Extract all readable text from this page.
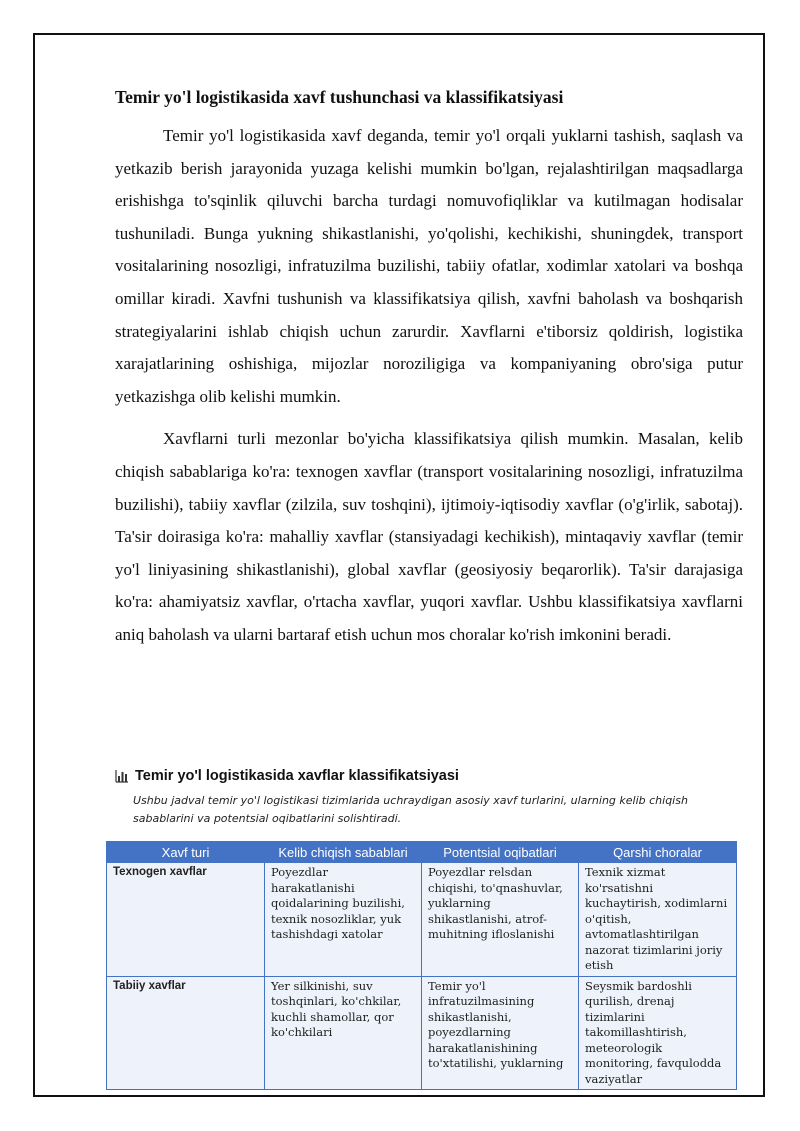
Temir yo'l logistikasida xavf tushunchasi va klassifikatsiyasi

Temir yo'l logistikasida xavf deganda, temir yo'l orqali yuklarni tashish, saqlash va yetkazib berish jarayonida yuzaga kelishi mumkin bo'lgan, rejalashtirilgan maqsadlarga erishishga to'sqinlik qiluvchi barcha turdagi nomuvofiqliklar va kutilmagan hodisalar tushuniladi. Bunga yukning shikastlanishi, yo'qolishi, kechikishi, shuningdek, transport vositalarining nosozligi, infratuzilma buzilishi, tabiiy ofatlar, xodimlar xatolari va boshqa omillar kiradi. Xavfni tushunish va klassifikatsiya qilish, xavfni baholash va boshqarish strategiyalarini ishlab chiqish uchun zarurdir. Xavflarni e'tiborsiz qoldirish, logistika xarajatlarining oshishiga, mijozlar noroziligiga va kompaniyaning obro'siga putur yetkazishga olib kelishi mumkin.

Xavflarni turli mezonlar bo'yicha klassifikatsiya qilish mumkin. Masalan, kelib chiqish sabablariga ko'ra: texnogen xavflar (transport vositalarining nosozligi, infratuzilma buzilishi), tabiiy xavflar (zilzila, suv toshqini), ijtimoiy-iqtisodiy xavflar (o'g'irlik, sabotaj). Ta'sir doirasiga ko'ra: mahalliy xavflar (stansiyadagi kechikish), mintaqaviy xavflar (temir yo'l liniyasining shikastlanishi), global xavflar (geosiyosiy beqarorlik). Ta'sir darajasiga ko'ra: ahamiyatsiz xavflar, o'rtacha xavflar, yuqori xavflar. Ushbu klassifikatsiya xavflarni aniq baholash va ularni bartaraf etish uchun mos choralar ko'rish imkonini beradi.

Temir yo'l logistikasida xavflar klassifikatsiyasi
Ushbu jadval temir yo'l logistikasi tizimlarida uchraydigan asosiy xavf turlarini, ularning kelib chiqish sabablarini va potentsial oqibatlarini solishtiradi.
Xavf turi	Kelib chiqish sabablari	Potentsial oqibatlari	Qarshi choralar
Texnogen xavflar	Poyezdlar harakatlanishi qoidalarining buzilishi, texnik nosozliklar, yuk tashishdagi xatolar	Poyezdlar relsdan chiqishi, to'qnashuvlar, yuklarning shikastlanishi, atrof-muhitning ifloslanishi	Texnik xizmat ko'rsatishni kuchaytirish, xodimlarni o'qitish, avtomatlashtirilgan nazorat tizimlarini joriy etish
Tabiiy xavflar	Yer silkinishi, suv toshqinlari, ko'chkilar, kuchli shamollar, qor ko'chkilari	Temir yo'l infratuzilmasining shikastlanishi, poyezdlarning harakatlanishining to'xtatilishi, yuklarning	Seysmik bardoshli qurilish, drenaj tizimlarini takomillashtirish, meteorologik monitoring, favqulodda vaziyatlar
